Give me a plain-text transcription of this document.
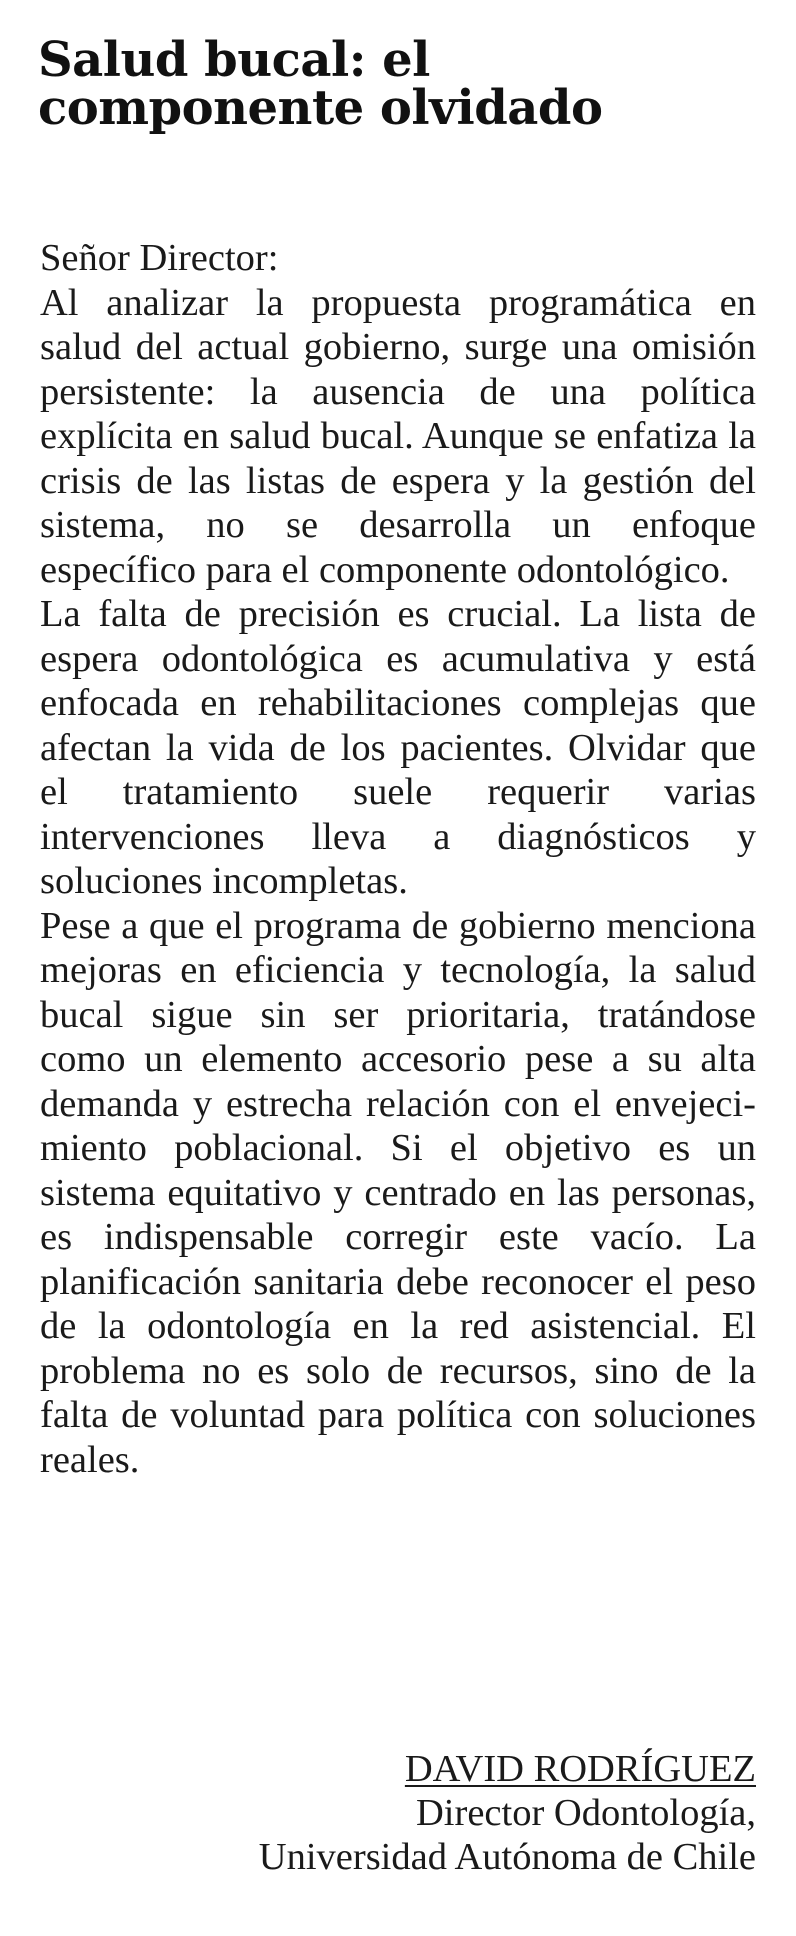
Salud bucal: el
componente olvidado

Señor Director:

Al analizar la propuesta programática en salud del actual gobierno, surge una omisión persistente: la ausencia de una política explícita en salud bucal. Aunque se enfatiza la crisis de las listas de espera y la gestión del sistema, no se desarrolla un enfoque específico para el componente odontológico.

La falta de precisión es crucial. La lista de espera odontológica es acumulativa y está enfocada en rehabilitaciones complejas que afectan la vida de los pacientes. Olvidar que el tratamiento suele requerir varias intervenciones lleva a diagnósticos y soluciones incompletas.

Pese a que el programa de gobierno menciona mejoras en eficiencia y tecnología, la salud bucal sigue sin ser prioritaria, tratándose como un elemento accesorio pese a su alta demanda y estrecha relación con el envejecimiento poblacional. Si el objetivo es un sistema equitativo y centrado en las personas, es indispensable corregir este vacío. La planificación sanitaria debe reconocer el peso de la odontología en la red asistencial. El problema no es solo de recursos, sino de la falta de voluntad para política con soluciones reales.

DAVID RODRÍGUEZ
Director Odontología,
Universidad Autónoma de Chile
